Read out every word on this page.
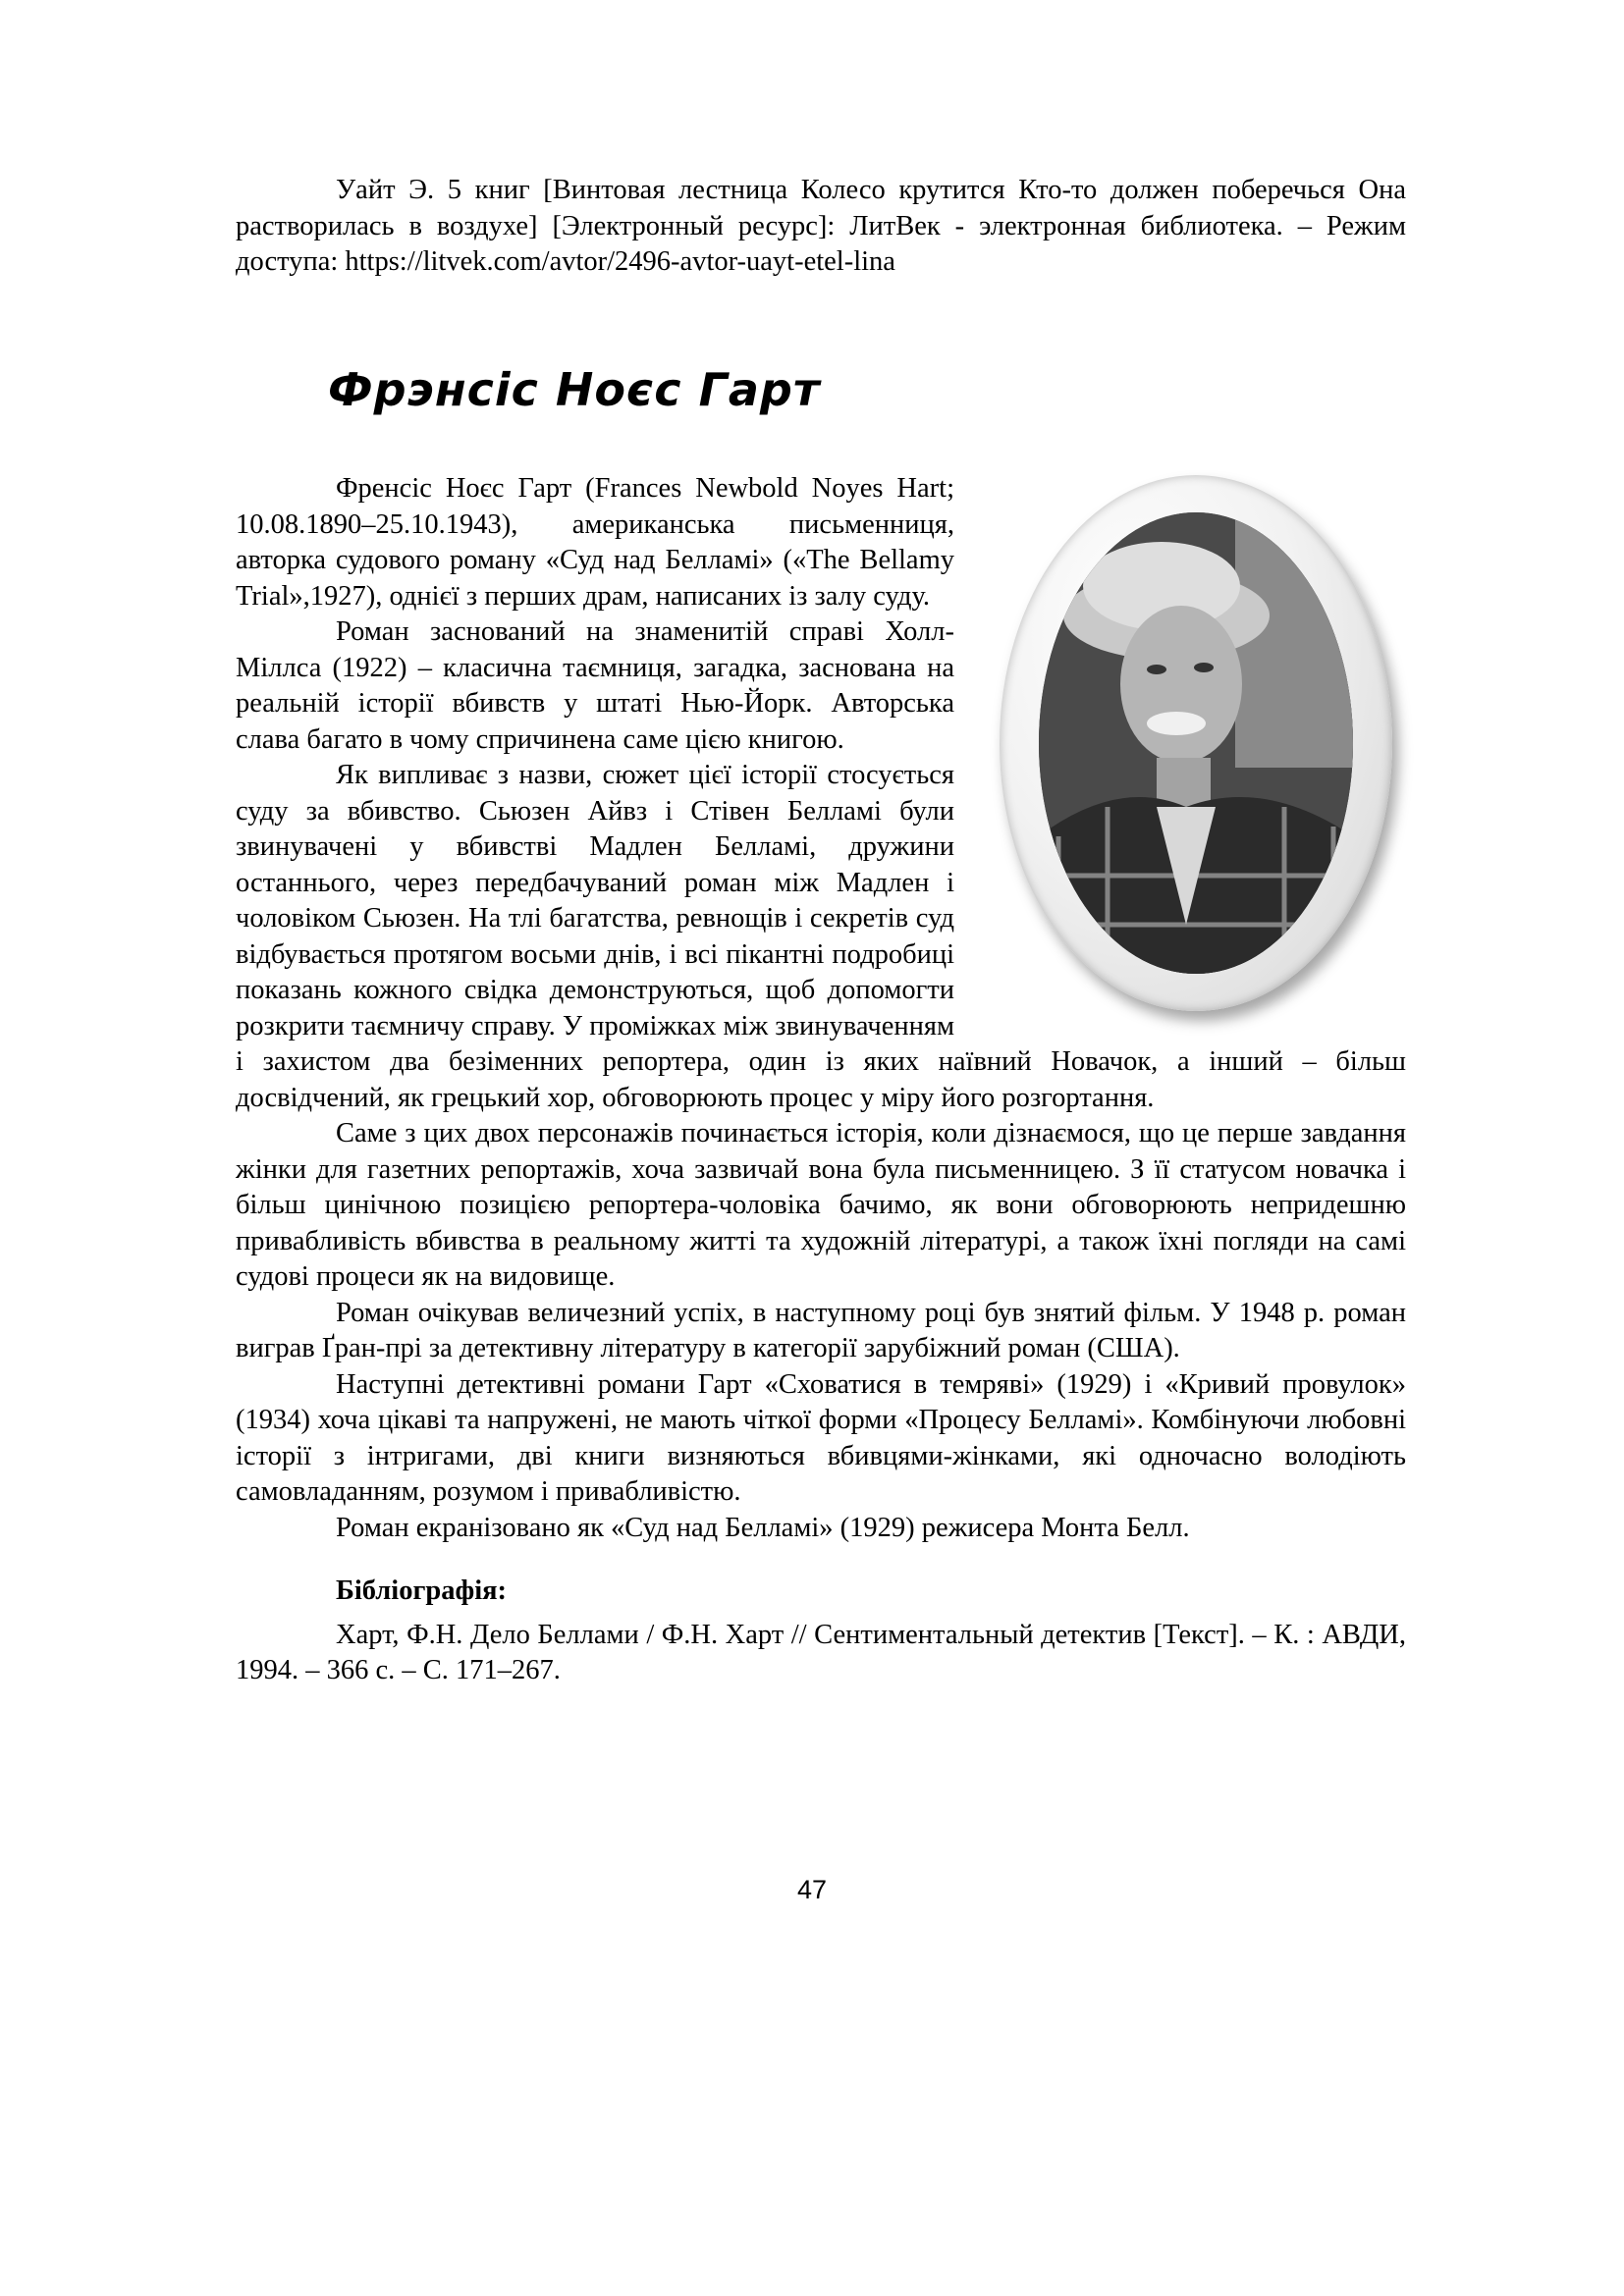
Уайт Э. 5 книг [Винтовая лестница Колесо крутится Кто-то должен поберечься Она растворилась в воздухе] [Электронный ресурс]: ЛитВек - электронная библиотека. – Режим доступа: https://litvek.com/avtor/2496-avtor-uayt-etel-lina

Фрэнсіс Ноєс Гарт

Френсіс Ноєс Гарт (Frances Newbold Noyes Hart; 10.08.1890–25.10.1943), американська письменниця, авторка судового роману «Суд над Белламі» («The Bellamy Trial»,1927), однієї з перших драм, написаних із залу суду.

Роман заснований на знаменитій справі Холл-Міллса (1922) – класична таємниця, загадка, заснована на реальній історії вбивств у штаті Нью-Йорк. Авторська слава багато в чому спричинена саме цією книгою.

Як випливає з назви, сюжет цієї історії стосується суду за вбивство. Сьюзен Айвз і Стівен Белламі були звинувачені у вбивстві Мадлен Белламі, дружини останнього, через передбачуваний роман між Мадлен і чоловіком Сьюзен. На тлі багатства, ревнощів і секретів суд відбувається протягом восьми днів, і всі пікантні подробиці показань кожного свідка демонструються, щоб допомогти розкрити таємничу справу. У проміжках між звинуваченням і захистом два безіменних репортера, один із яких наївний Новачок, а інший – більш досвідчений, як грецький хор, обговорюють процес у міру його розгортання.

Саме з цих двох персонажів починається історія, коли дізнаємося, що це перше завдання жінки для газетних репортажів, хоча зазвичай вона була письменницею. З її статусом новачка і більш цинічною позицією репортера-чоловіка бачимо, як вони обговорюють непридешню привабливість вбивства в реальному житті та художній літературі, а також їхні погляди на самі судові процеси як на видовище.

Роман очікував величезний успіх, в наступному році був знятий фільм. У 1948 р. роман виграв Ґран-прі за детективну літературу в категорії зарубіжний роман (США).

Наступні детективні романи Гарт «Сховатися в темряві» (1929) і «Кривий провулок» (1934) хоча цікаві та напружені, не мають чіткої форми «Процесу Белламі». Комбінуючи любовні історії з інтригами, дві книги визняються вбивцями-жінками, які одночасно володіють самовладанням, розумом і привабливістю.

Роман екранізовано як «Суд над Белламі» (1929) режисера Монта Белл.

Бібліографія:

Харт, Ф.Н. Дело Беллами / Ф.Н. Харт // Сентиментальный детектив [Текст]. – К. : АВДИ, 1994. – 366 с. – С. 171–267.

47
